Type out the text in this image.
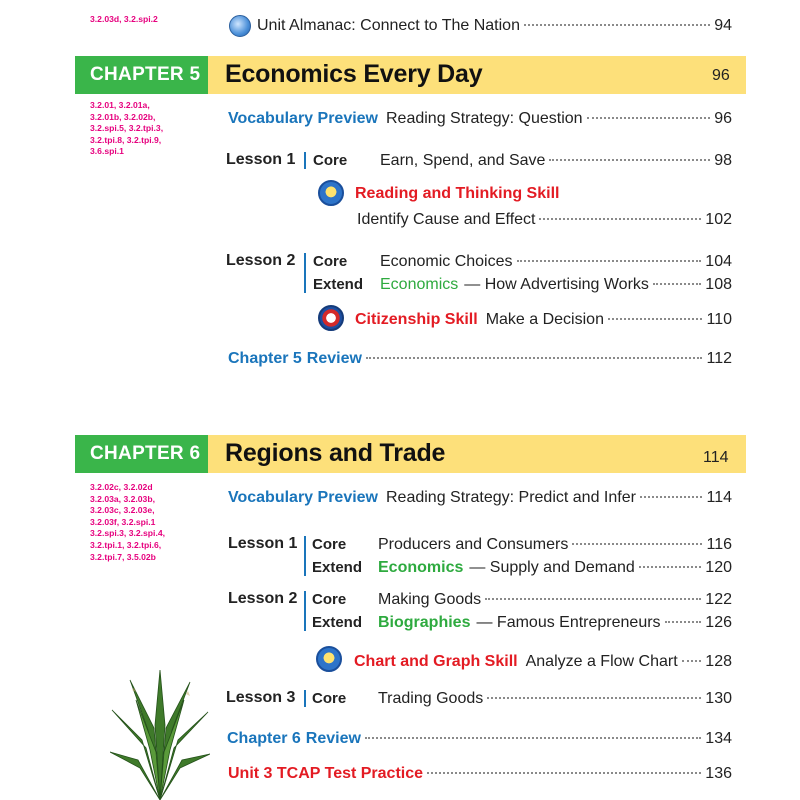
3.2.03d, 3.2.spi.2	Unit Almanac: Connect to The Nation	94
CHAPTER 5 Economics Every Day	96
3.2.01, 3.2.01a,
3.2.01b, 3.2.02b,
3.2.spi.5, 3.2.tpi.3,
3.2.tpi.8, 3.2.tpi.9,
3.6.spi.1
Vocabulary Preview Reading Strategy: Question	96
Lesson 1 Core Earn, Spend, and Save	98
Reading and Thinking Skill
Identify Cause and Effect	102
Lesson 2 Core Economic Choices	104
Extend Economics — How Advertising Works	108
Citizenship Skill Make a Decision	110
Chapter 5 Review	112
CHAPTER 6 Regions and Trade	114
3.2.02c, 3.2.02d
3.2.03a, 3.2.03b,
3.2.03c, 3.2.03e,
3.2.03f, 3.2.spi.1
3.2.spi.3, 3.2.spi.4,
3.2.tpi.1, 3.2.tpi.6,
3.2.tpi.7, 3.5.02b
Vocabulary Preview Reading Strategy: Predict and Infer	114
Lesson 1 Core Producers and Consumers	116
Extend Economics — Supply and Demand	120
Lesson 2 Core Making Goods	122
Extend Biographies — Famous Entrepreneurs	126
Chart and Graph Skill Analyze a Flow Chart 128
Lesson 3 Core Trading Goods	130
Chapter 6 Review	134
Unit 3 TCAP Test Practice	136
